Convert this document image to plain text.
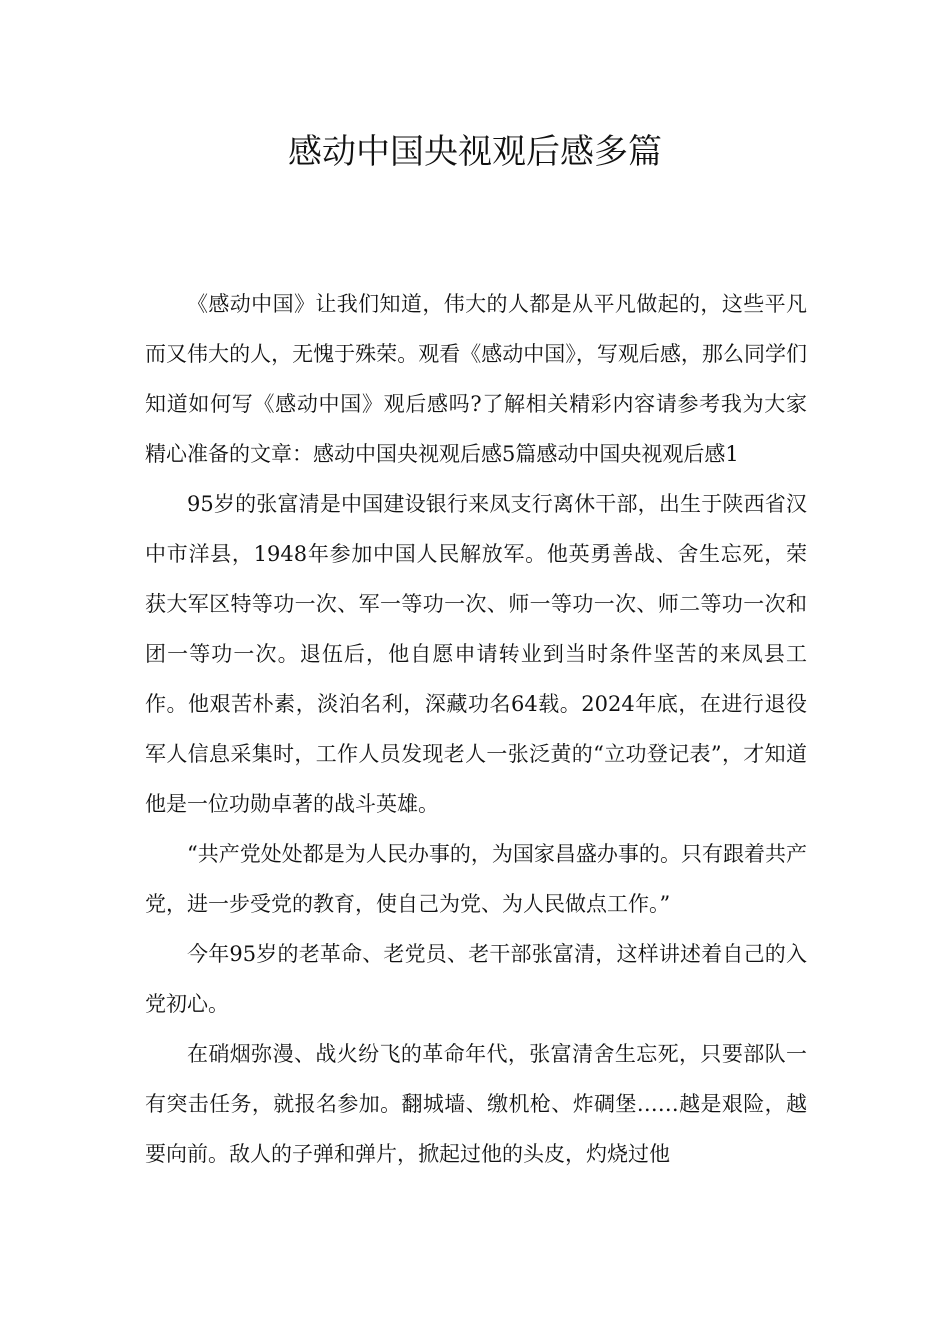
感动中国央视观后感多篇

《感动中国》让我们知道，伟大的人都是从平凡做起的，这些平凡而又伟大的人，无愧于殊荣。观看《感动中国》，写观后感，那么同学们知道如何写《感动中国》观后感吗?了解相关精彩内容请参考我为大家精心准备的文章：感动中国央视观后感5篇感动中国央视观后感1

95岁的张富清是中国建设银行来凤支行离休干部，出生于陕西省汉中市洋县，1948年参加中国人民解放军。他英勇善战、舍生忘死，荣获大军区特等功一次、军一等功一次、师一等功一次、师二等功一次和团一等功一次。退伍后，他自愿申请转业到当时条件坚苦的来凤县工作。他艰苦朴素，淡泊名利，深藏功名64载。2024年底，在进行退役军人信息采集时，工作人员发现老人一张泛黄的“立功登记表”，才知道他是一位功勋卓著的战斗英雄。

“共产党处处都是为人民办事的，为国家昌盛办事的。只有跟着共产党，进一步受党的教育，使自己为党、为人民做点工作。”

今年95岁的老革命、老党员、老干部张富清，这样讲述着自己的入党初心。

在硝烟弥漫、战火纷飞的革命年代，张富清舍生忘死，只要部队一有突击任务，就报名参加。翻城墙、缴机枪、炸碉堡……越是艰险，越要向前。敌人的子弹和弹片，掀起过他的头皮，灼烧过他
